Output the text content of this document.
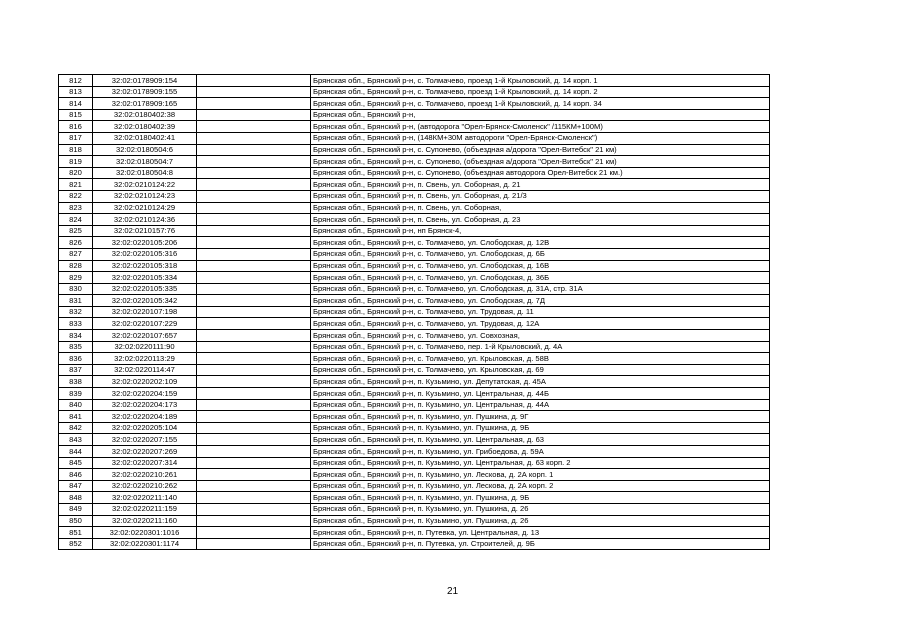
812	32:02:0178909:154		Брянская обл., Брянский р-н, с. Толмачево, проезд 1-й Крыловский, д. 14 корп. 1
813	32:02:0178909:155		Брянская обл., Брянский р-н, с. Толмачево, проезд 1-й Крыловский, д. 14 корп. 2
814	32:02:0178909:165		Брянская обл., Брянский р-н, с. Толмачево, проезд 1-й Крыловский, д. 14 корп. 34
815	32:02:0180402:38		Брянская обл., Брянский р-н,
816	32:02:0180402:39		Брянская обл., Брянский р-н, (автодорога "Орел-Брянск-Смоленск" /115КМ+100М)
817	32:02:0180402:41		Брянская обл., Брянский р-н, (148КМ+30М автодороги "Орел-Брянск-Смоленск")
818	32:02:0180504:6		Брянская обл., Брянский р-н, с. Супонево, (объездная а/дорога "Орел-Витебск" 21 км)
819	32:02:0180504:7		Брянская обл., Брянский р-н, с. Супонево, (объездная а/дорога "Орел-Витебск" 21 км)
820	32:02:0180504:8		Брянская обл., Брянский р-н, с. Супонево, (объездная автодорога Орел-Витебск 21 км.)
821	32:02:0210124:22		Брянская обл., Брянский р-н, п. Свень, ул. Соборная, д. 21
822	32:02:0210124:23		Брянская обл., Брянский р-н, п. Свень, ул. Соборная, д. 21/3
823	32:02:0210124:29		Брянская обл., Брянский р-н, п. Свень, ул. Соборная,
824	32:02:0210124:36		Брянская обл., Брянский р-н, п. Свень, ул. Соборная, д. 23
825	32:02:0210157:76		Брянская обл., Брянский р-н, нп Брянск-4,
826	32:02:0220105:206		Брянская обл., Брянский р-н, с. Толмачево, ул. Слободская, д. 12В
827	32:02:0220105:316		Брянская обл., Брянский р-н, с. Толмачево, ул. Слободская, д. 6Б
828	32:02:0220105:318		Брянская обл., Брянский р-н, с. Толмачево, ул. Слободская, д. 16В
829	32:02:0220105:334		Брянская обл., Брянский р-н, с. Толмачево, ул. Слободская, д. 36Б
830	32:02:0220105:335		Брянская обл., Брянский р-н, с. Толмачево, ул. Слободская, д. 31А, стр. 31А
831	32:02:0220105:342		Брянская обл., Брянский р-н, с. Толмачево, ул. Слободская, д. 7Д
832	32:02:0220107:198		Брянская обл., Брянский р-н, с. Толмачево, ул. Трудовая, д. 11
833	32:02:0220107:229		Брянская обл., Брянский р-н, с. Толмачево, ул. Трудовая, д. 12А
834	32:02:0220107:657		Брянская обл., Брянский р-н, с. Толмачево, ул. Совхозная,
835	32:02:0220111:90		Брянская обл., Брянский р-н, с. Толмачево, пер. 1-й Крыловский, д. 4А
836	32:02:0220113:29		Брянская обл., Брянский р-н, с. Толмачево, ул. Крыловская, д. 58В
837	32:02:0220114:47		Брянская обл., Брянский р-н, с. Толмачево, ул. Крыловская, д. 69
838	32:02:0220202:109		Брянская обл., Брянский р-н, п. Кузьмино, ул. Депутатская, д. 45А
839	32:02:0220204:159		Брянская обл., Брянский р-н, п. Кузьмино, ул. Центральная, д. 44Б
840	32:02:0220204:173		Брянская обл., Брянский р-н, п. Кузьмино, ул. Центральная, д. 44А
841	32:02:0220204:189		Брянская обл., Брянский р-н, п. Кузьмино, ул. Пушкина, д. 9Г
842	32:02:0220205:104		Брянская обл., Брянский р-н, п. Кузьмино, ул. Пушкина, д. 9Б
843	32:02:0220207:155		Брянская обл., Брянский р-н, п. Кузьмино, ул. Центральная, д. 63
844	32:02:0220207:269		Брянская обл., Брянский р-н, п. Кузьмино, ул. Грибоедова, д. 59А
845	32:02:0220207:314		Брянская обл., Брянский р-н, п. Кузьмино, ул. Центральная, д. 63 корп. 2
846	32:02:0220210:261		Брянская обл., Брянский р-н, п. Кузьмино, ул. Лескова, д. 2А корп. 1
847	32:02:0220210:262		Брянская обл., Брянский р-н, п. Кузьмино, ул. Лескова, д. 2А корп. 2
848	32:02:0220211:140		Брянская обл., Брянский р-н, п. Кузьмино, ул. Пушкина, д. 9Б
849	32:02:0220211:159		Брянская обл., Брянский р-н, п. Кузьмино, ул. Пушкина, д. 26
850	32:02:0220211:160		Брянская обл., Брянский р-н, п. Кузьмино, ул. Пушкина, д. 26
851	32:02:0220301:1016		Брянская обл., Брянский р-н, п. Путевка, ул. Центральная, д. 13
852	32:02:0220301:1174		Брянская обл., Брянский р-н, п. Путевка, ул. Строителей, д. 9Б
21
